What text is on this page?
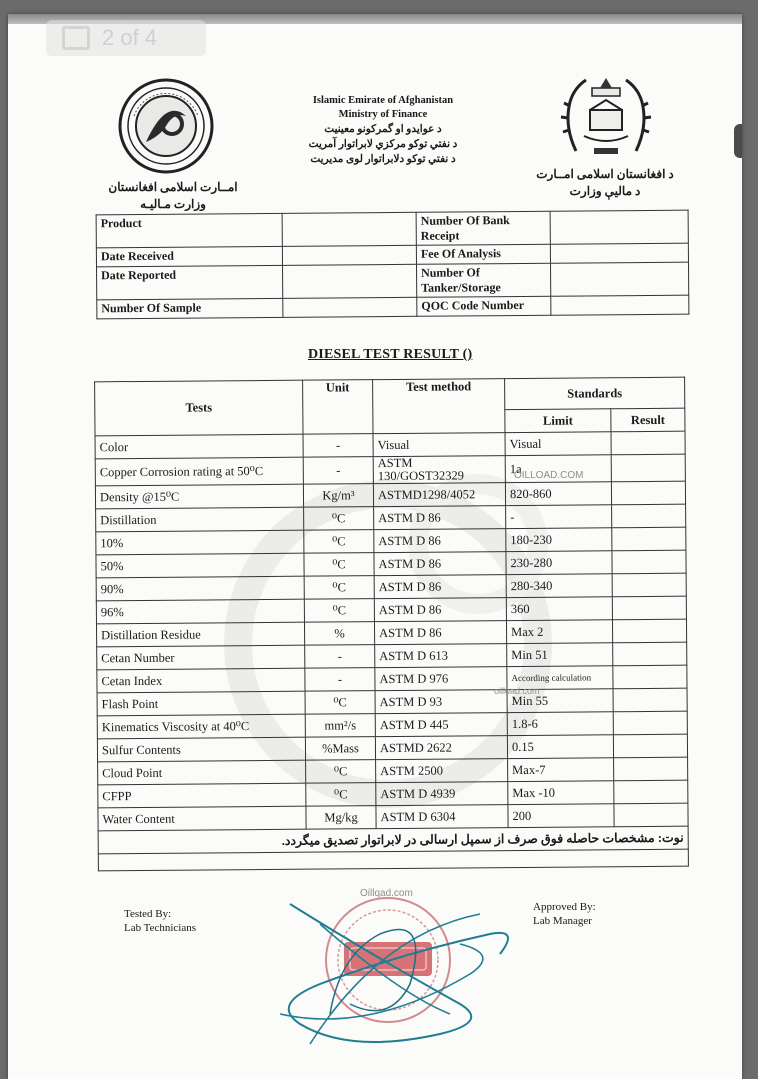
امــارت اسلامی افغانستان
وزارت مـالیـه
Islamic Emirate of Afghanistan
Ministry of Finance
د عوایدو او گمرکونو معینیت
د نفتي توکو مرکزي لابراتوار آمریت
د نفتي توکو دلابراتوار لوی مدیریت
د افغانستان اسلامی امــارت
د مالیې وزارت
Product		Number Of Bank Receipt	
Date Received		Fee Of Analysis	
Date Reported		Number Of Tanker/Storage	
Number Of Sample		QOC Code Number	
DIESEL TEST RESULT ()
Tests	Unit	Test method	Standards	
			Limit	Result
Color	-	Visual	Visual	
Copper Corrosion rating at 50⁰C	-	ASTM 130/GOST32329	1a	
Density @15⁰C	Kg/m³	ASTMD1298/4052	820-860	
Distillation	⁰C	ASTM D 86	-	
10%	⁰C	ASTM D 86	180-230	
50%	⁰C	ASTM D 86	230-280	
90%	⁰C	ASTM D 86	280-340	
96%	⁰C	ASTM D 86	360	
Distillation Residue	%	ASTM D 86	Max 2	
Cetan Number	-	ASTM D 613	Min 51	
Cetan Index	-	ASTM D 976	According calculation	
Flash Point	⁰C	ASTM D 93	Min 55	
Kinematics Viscosity at 40⁰C	mm²/s	ASTM D 445	1.8-6	
Sulfur Contents	%Mass	ASTMD 2622	0.15	
Cloud Point	⁰C	ASTM 2500	Max-7	
CFPP	⁰C	ASTM D 4939	Max -10	
Water Content	Mg/kg	ASTM D 6304	200	
نوت: مشخصات حاصله فوق صرف از سمپل ارسالی در لابراتوار تصدیق میگردد.				

OILLOAD.COM
oilload.com
Oillqad.com
Tested By:
Lab Technicians
Approved By:
Lab Manager
2 of 4
